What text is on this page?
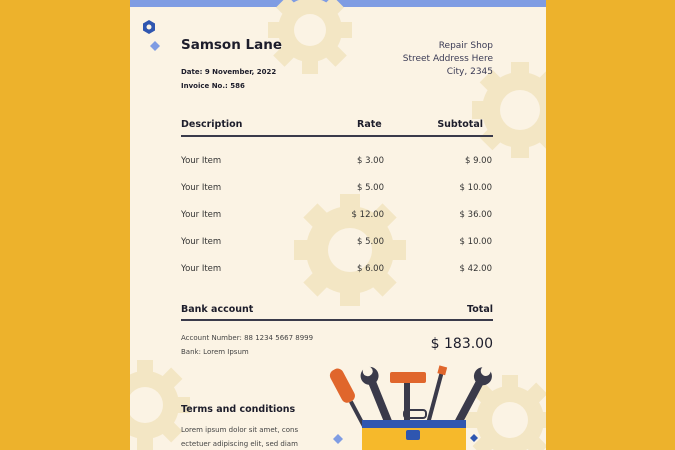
Samson Lane
Date: 9 November, 2022
Invoice No.: 586
Repair Shop
Street Address Here
City, 2345
Description	Rate	Subtotal
Your Item	$ 3.00	$ 9.00
Your Item	$ 5.00	$ 10.00
Your Item	$ 12.00	$ 36.00
Your Item	$ 5.00	$ 10.00
Your Item	$ 6.00	$ 42.00
Bank account	Total
Account Number: 88 1234 5667 8999
Bank: Lorem Ipsum	$ 183.00
Terms and conditions
Lorem ipsum dolor sit amet, cons
ectetuer adipiscing elit, sed diam
